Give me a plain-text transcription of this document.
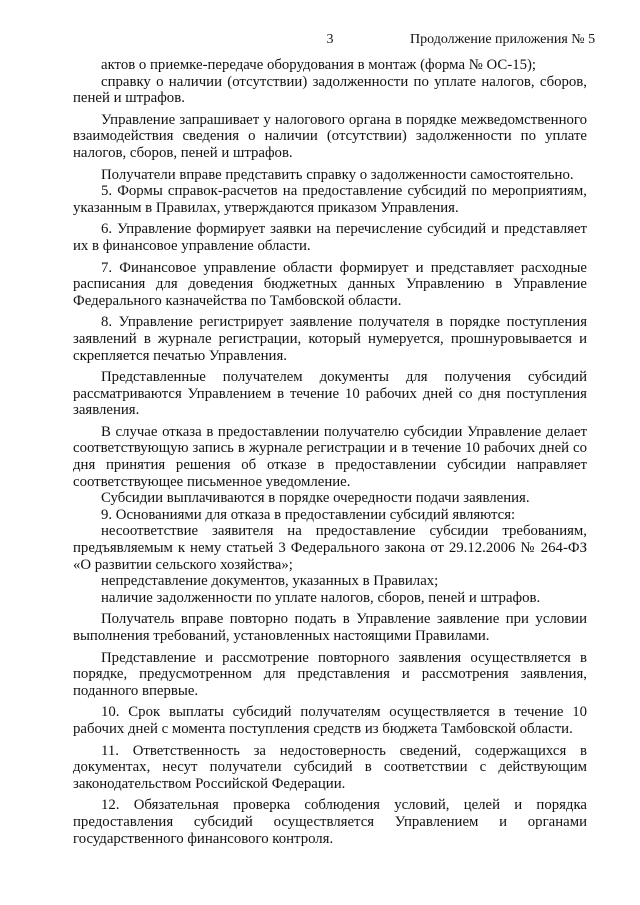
3	Продолжение приложения № 5

актов о приемке-передаче оборудования в монтаж (форма № ОС-15);

справку о наличии (отсутствии) задолженности по уплате налогов, сборов, пеней и штрафов.

Управление запрашивает у налогового органа в порядке межведомственного взаимодействия сведения о наличии (отсутствии) задолженности по уплате налогов, сборов, пеней и штрафов.

Получатели вправе представить справку о задолженности самостоятельно.

5. Формы справок-расчетов на предоставление субсидий по мероприятиям, указанным в Правилах, утверждаются приказом Управления.

6. Управление формирует заявки на перечисление субсидий и представляет их в финансовое управление области.

7. Финансовое управление области формирует и представляет расходные расписания для доведения бюджетных данных Управлению в Управление Федерального казначейства по Тамбовской области.

8. Управление регистрирует заявление получателя в порядке поступления заявлений в журнале регистрации, который нумеруется, прошнуровывается и скрепляется печатью Управления.

Представленные получателем документы для получения субсидий рассматриваются Управлением в течение 10 рабочих дней со дня поступления заявления.

В случае отказа в предоставлении получателю субсидии Управление делает соответствующую запись в журнале регистрации и в течение 10 рабочих дней со дня принятия решения об отказе в предоставлении субсидии направляет соответствующее письменное уведомление.

Субсидии выплачиваются в порядке очередности подачи заявления.

9. Основаниями для отказа в предоставлении субсидий являются:

несоответствие заявителя на предоставление субсидии требованиям, предъявляемым к нему статьей 3 Федерального закона от 29.12.2006 № 264-ФЗ «О развитии сельского хозяйства»;

непредставление документов, указанных в Правилах;

наличие задолженности по уплате налогов, сборов, пеней и штрафов.

Получатель вправе повторно подать в Управление заявление при условии выполнения требований, установленных настоящими Правилами.

Представление и рассмотрение повторного заявления осуществляется в порядке, предусмотренном для представления и рассмотрения заявления, поданного впервые.

10. Срок выплаты субсидий получателям осуществляется в течение 10 рабочих дней с момента поступления средств из бюджета Тамбовской области.

11. Ответственность за недостоверность сведений, содержащихся в документах, несут получатели субсидий в соответствии с действующим законодательством Российской Федерации.

12. Обязательная проверка соблюдения условий, целей и порядка предоставления субсидий осуществляется Управлением и органами государственного финансового контроля.
